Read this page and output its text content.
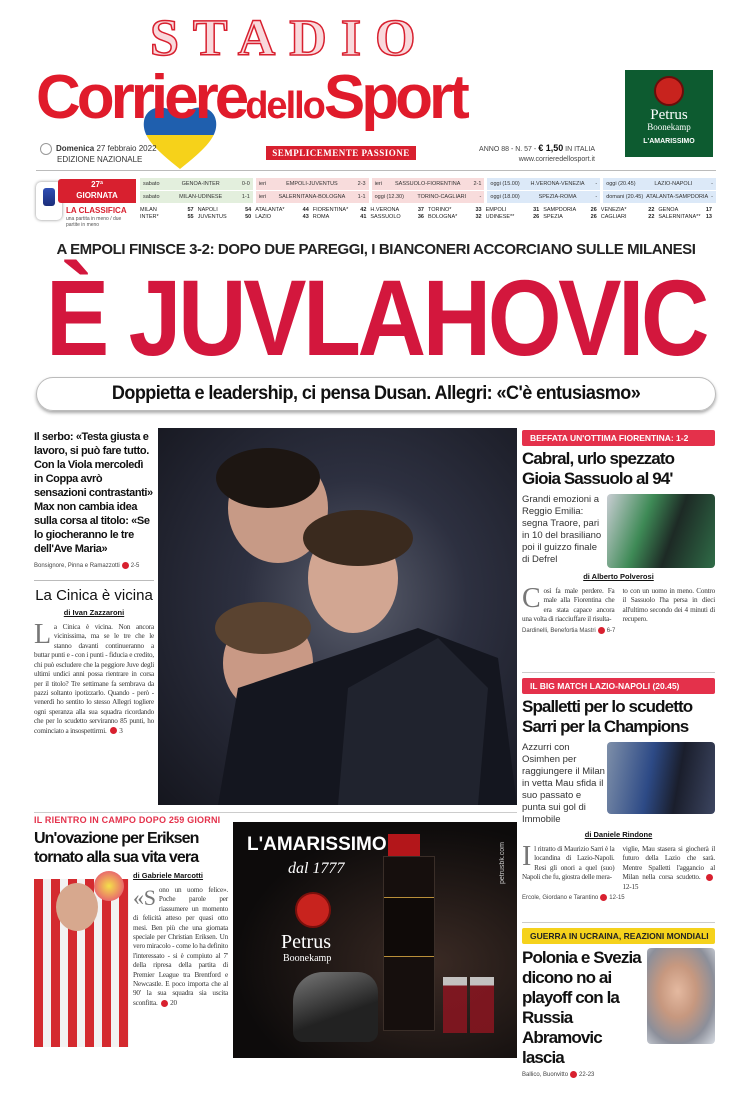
STADIO
CorrieredelloSport
Domenica 27 febbraio 2022
EDIZIONE NAZIONALE
SEMPLICEMENTE PASSIONE	ANNO 88 - N. 57 - € 1,50 IN ITALIA
www.corrieredellosport.it
Petrus
Boonekamp
L'AMARISSIMO
27ª
GIORNATA
LA CLASSIFICA
una partita in meno / due partite in meno
sabato	GENOA-INTER	0-0
sabato	MILAN-UDINESE	1-1
ieri	EMPOLI-JUVENTUS	2-3
ieri SALERNITANA-BOLOGNA 1-1
ieri SASSUOLO-FIORENTINA 2-1
oggi (12.30) TORINO-CAGLIARI -
oggi (15.00) H.VERONA-VENEZIA -
oggi (18.00)	SPEZIA-ROMA	-
oggi (20.45)	LAZIO-NAPOLI	-
domani (20.45) ATALANTA-SAMPDORIA -
MILAN	57
INTER*	55
NAPOLI	54
JUVENTUS	50
ATALANTA*	44
LAZIO	43
FIORENTINA* 42
ROMA	41
H.VERONA	37
SASSUOLO	36
TORINO*	33
BOLOGNA*	32
EMPOLI	31
UDINESE**	26
SAMPDORIA	26
SPEZIA	26
VENEZIA*	22
CAGLIARI	22
GENOA	17
SALERNITANA** 13
A EMPOLI FINISCE 3-2: DOPO DUE PAREGGI, I BIANCONERI ACCORCIANO SULLE MILANESI
È JUVLAHOVIC
Doppietta e leadership, ci pensa Dusan. Allegri: «C'è entusiasmo»
Il serbo: «Testa giusta e lavoro, si può fare tutto. Con la Viola mercoledì in Coppa avrò sensazioni contrastanti» Max non cambia idea sulla corsa al titolo: «Se lo giocheranno le tre dell'Ave Maria»
Bonsignore, Pinna e Ramazzotti 2-5
La Cinica è vicina
di Ivan Zazzaroni
La Cinica è vicina. Non ancora vicinissima, ma se le tre che le stanno davanti continueranno a buttar punti e - con i punti - fiducia e credito, chi può escludere che la peggiore Juve degli ultimi undici anni possa rientrare in corsa per il titolo? Tre settimane fa sembrava da pazzi soltanto ipotizzarlo. Quando - però - venerdì ho sentito lo stesso Allegri togliere ogni speranza alla sua squadra ricordando che per lo scudetto serviranno 85 punti, ho cominciato a insospettirmi. 3
BEFFATA UN'OTTIMA FIORENTINA: 1-2
Cabral, urlo spezzato Gioia Sassuolo al 94'
Grandi emozioni a Reggio Emilia: segna Traore, pari in 10 del brasiliano poi il guizzo finale di Defrel
di Alberto Polverosi
Così fa male perdere. Fa male alla Fiorentina che era stata capace ancora una volta di riacciuffare il risulta-
to con un uomo in meno. Contro il Sassuolo l'ha persa in dieci all'ultimo secondo dei 4 minuti di recupero.
Dardinelli, Benefortia Mastri 6-7
IL BIG MATCH LAZIO-NAPOLI (20.45)
Spalletti per lo scudetto Sarri per la Champions
Azzurri con Osimhen per raggiungere il Milan in vetta Mau sfida il suo passato e punta sui gol di Immobile
di Daniele Rindone
Il ritratto di Maurizio Sarri è la locandina di Lazio-Napoli. Resi gli onori a quel (suo) Napoli che fu, giostra delle mera-
viglie, Mau stasera si giocherà il futuro della Lazio che sarà. Mentre Spalletti l'aggancio al Milan nella corsa scudetto. 12-15
Ercole, Giordano e Tarantino 12-15
GUERRA IN UCRAINA, REAZIONI MONDIALI
Polonia e Svezia dicono no ai playoff con la Russia Abramovic lascia
Ballico, Buonvitto 22-23
IL RIENTRO IN CAMPO DOPO 259 GIORNI
Un'ovazione per Eriksen tornato alla sua vita vera
di Gabriele Marcotti
«Sono un uomo felice». Poche parole per riassumere un momento di felicità atteso per quasi otto mesi. Ben più che una giornata speciale per Christian Eriksen. Un vero miracolo - come lo ha definito l'interessato - si è compiuto al 7' della ripresa della partita di Premier League tra Brentford e Newcastle. E poco importa che al 90' la sua squadra sia uscita sconfitta. 20
L'AMARISSIMO
dal 1777
Petrus
Boonekamp
petrusbk.com
